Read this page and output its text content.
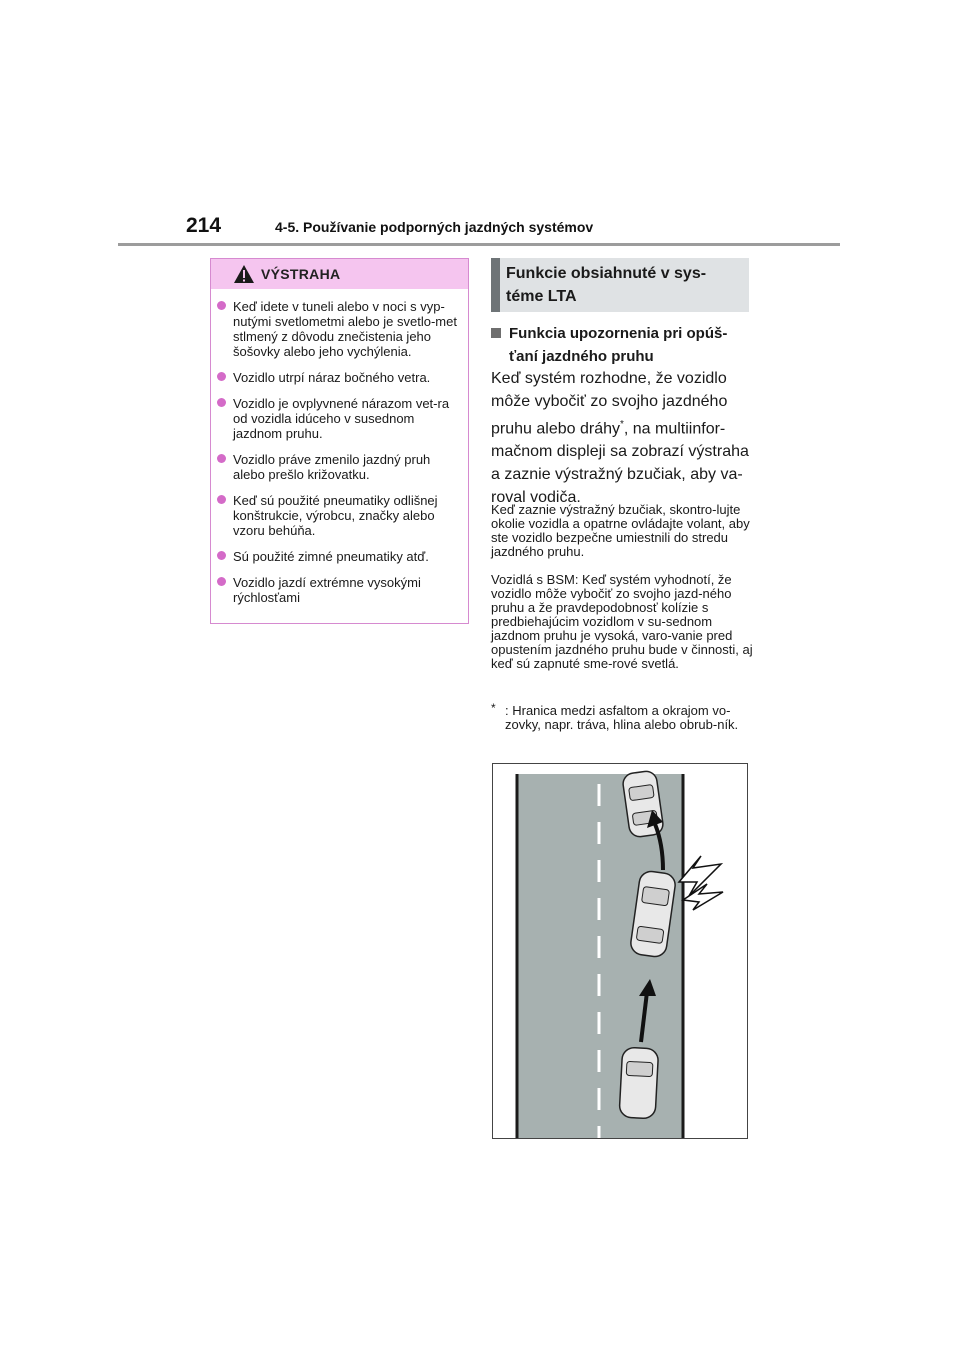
214	4-5. Používanie podporných jazdných systémov
VÝSTRAHA
Keď idete v tuneli alebo v noci s vyp-nutými svetlometmi alebo je svetlo-met stlmený z dôvodu znečistenia jeho šošovky alebo jeho vychýlenia.
Vozidlo utrpí náraz bočného vetra.
Vozidlo je ovplyvnené nárazom vet-ra od vozidla idúceho v susednom jazdnom pruhu.
Vozidlo práve zmenilo jazdný pruh alebo prešlo križovatku.
Keď sú použité pneumatiky odlišnej konštrukcie, výrobcu, značky alebo vzoru behúňa.
Sú použité zimné pneumatiky atď.
Vozidlo jazdí extrémne vysokými rýchlosťami
Funkcie obsiahnuté v sys-téme LTA
Funkcia upozornenia pri opúš-ťaní jazdného pruhu

Keď systém rozhodne, že vozidlo môže vybočiť zo svojho jazdného pruhu alebo dráhy*, na multiinfor-mačnom displeji sa zobrazí výstraha a zaznie výstražný bzučiak, aby va-roval vodiča.

Keď zaznie výstražný bzučiak, skontro-lujte okolie vozidla a opatrne ovládajte volant, aby ste vozidlo bezpečne umiestnili do stredu jazdného pruhu.

Vozidlá s BSM: Keď systém vyhodnotí, že vozidlo môže vybočiť zo svojho jazd-ného pruhu a že pravdepodobnosť kolízie s predbiehajúcim vozidlom v su-sednom jazdnom pruhu je vysoká, varo-vanie pred opustením jazdného pruhu bude v činnosti, aj keď sú zapnuté sme-rové svetlá.

* : Hranica medzi asfaltom a okrajom vo-zovky, napr. tráva, hlina alebo obrub-ník.
